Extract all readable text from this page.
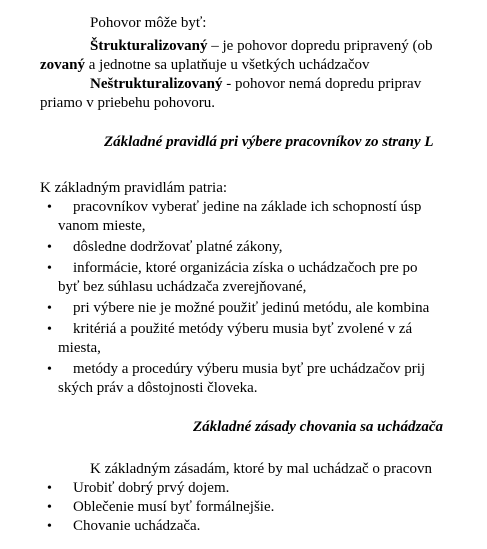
Pohovor môže byť:
Štrukturalizovaný – je pohovor dopredu pripravený (ob
zovaný a jednotne sa uplatňuje u všetkých uchádzačov
Neštrukturalizovaný - pohovor nemá dopredu priprav
priamo v priebehu pohovoru.
Základné pravidlá pri výbere pracovníkov zo strany L
K základným pravidlám patria:
• pracovníkov vyberať jedine na základe ich schopností úsp
vanom mieste,
• dôsledne dodržovať platné zákony,
• informácie, ktoré organizácia získa o uchádzačoch pre po
byť bez súhlasu uchádzača zverejňované,
• pri výbere nie je možné použiť jedinú metódu, ale kombina
• kritériá a použité metódy výberu musia byť zvolené v zá
miesta,
• metódy a procedúry výberu musia byť pre uchádzačov prij
ských práv a dôstojnosti človeka.
Základné zásady chovania sa uchádzača
K základným zásadám, ktoré by mal uchádzač o pracovn
• Urobiť dobrý prvý dojem.
• Oblečenie musí byť formálnejšie.
• Chovanie uchádzača.
